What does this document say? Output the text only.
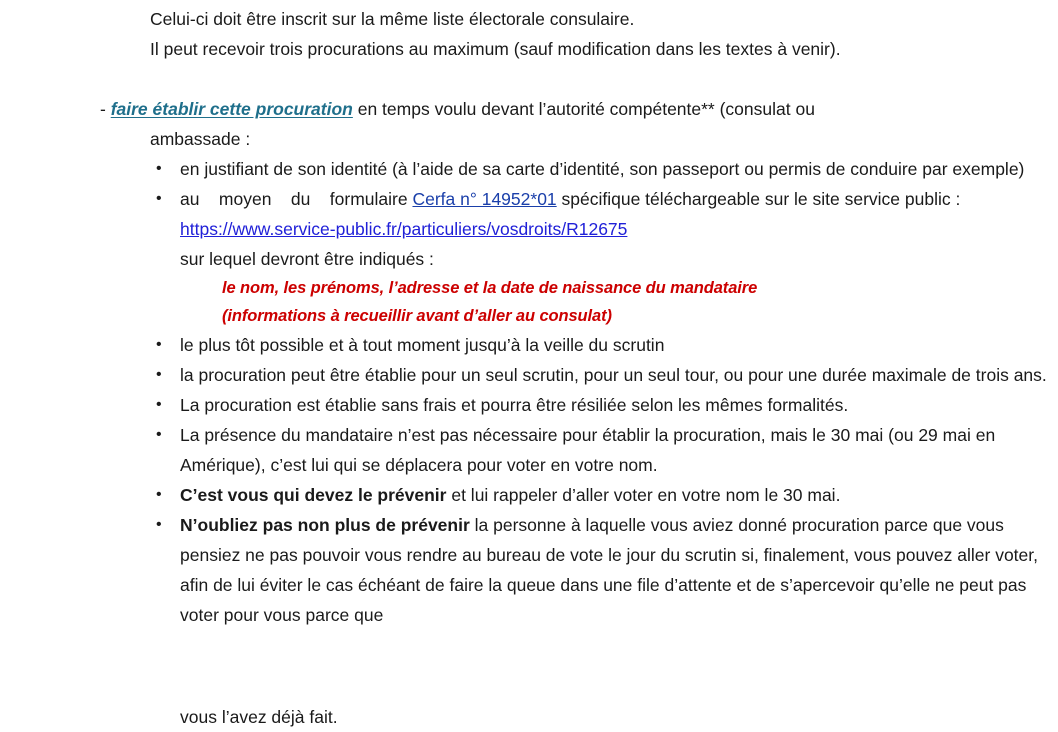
Celui-ci doit être inscrit sur la même liste électorale consulaire.
Il peut recevoir trois procurations au maximum (sauf modification dans les textes à venir).
- faire établir cette procuration en temps voulu devant l’autorité compétente** (consulat ou
ambassade :
• en justifiant de son identité (à l’aide de sa carte d’identité, son passeport ou permis de conduire par exemple)
• au    moyen    du    formulaire Cerfa n° 14952*01 spécifique téléchargeable sur le site service public : https://www.service-public.fr/particuliers/vosdroits/R12675
sur lequel devront être indiqués :
le nom, les prénoms, l’adresse et la date de naissance du mandataire
(informations à recueillir avant d’aller au consulat)
• le plus tôt possible et à tout moment jusqu’à la veille du scrutin
• la procuration peut être établie pour un seul scrutin, pour un seul tour, ou pour une durée maximale de trois ans.
• La procuration est établie sans frais et pourra être résiliée selon les mêmes formalités.
• La présence du mandataire n’est pas nécessaire pour établir la procuration, mais le 30 mai (ou 29 mai en Amérique), c’est lui qui se déplacera pour voter en votre nom.
• C’est vous qui devez le prévenir et lui rappeler d’aller voter en votre nom le 30 mai.
• N’oubliez pas non plus de prévenir la personne à laquelle vous aviez donné procuration parce que vous pensiez ne pas pouvoir vous rendre au bureau de vote le jour du scrutin si, finalement, vous pouvez aller voter, afin de lui éviter le cas échéant de faire la queue dans une file d’attente et de s’apercevoir qu’elle ne peut pas voter pour vous parce que
vous l’avez déjà fait.
